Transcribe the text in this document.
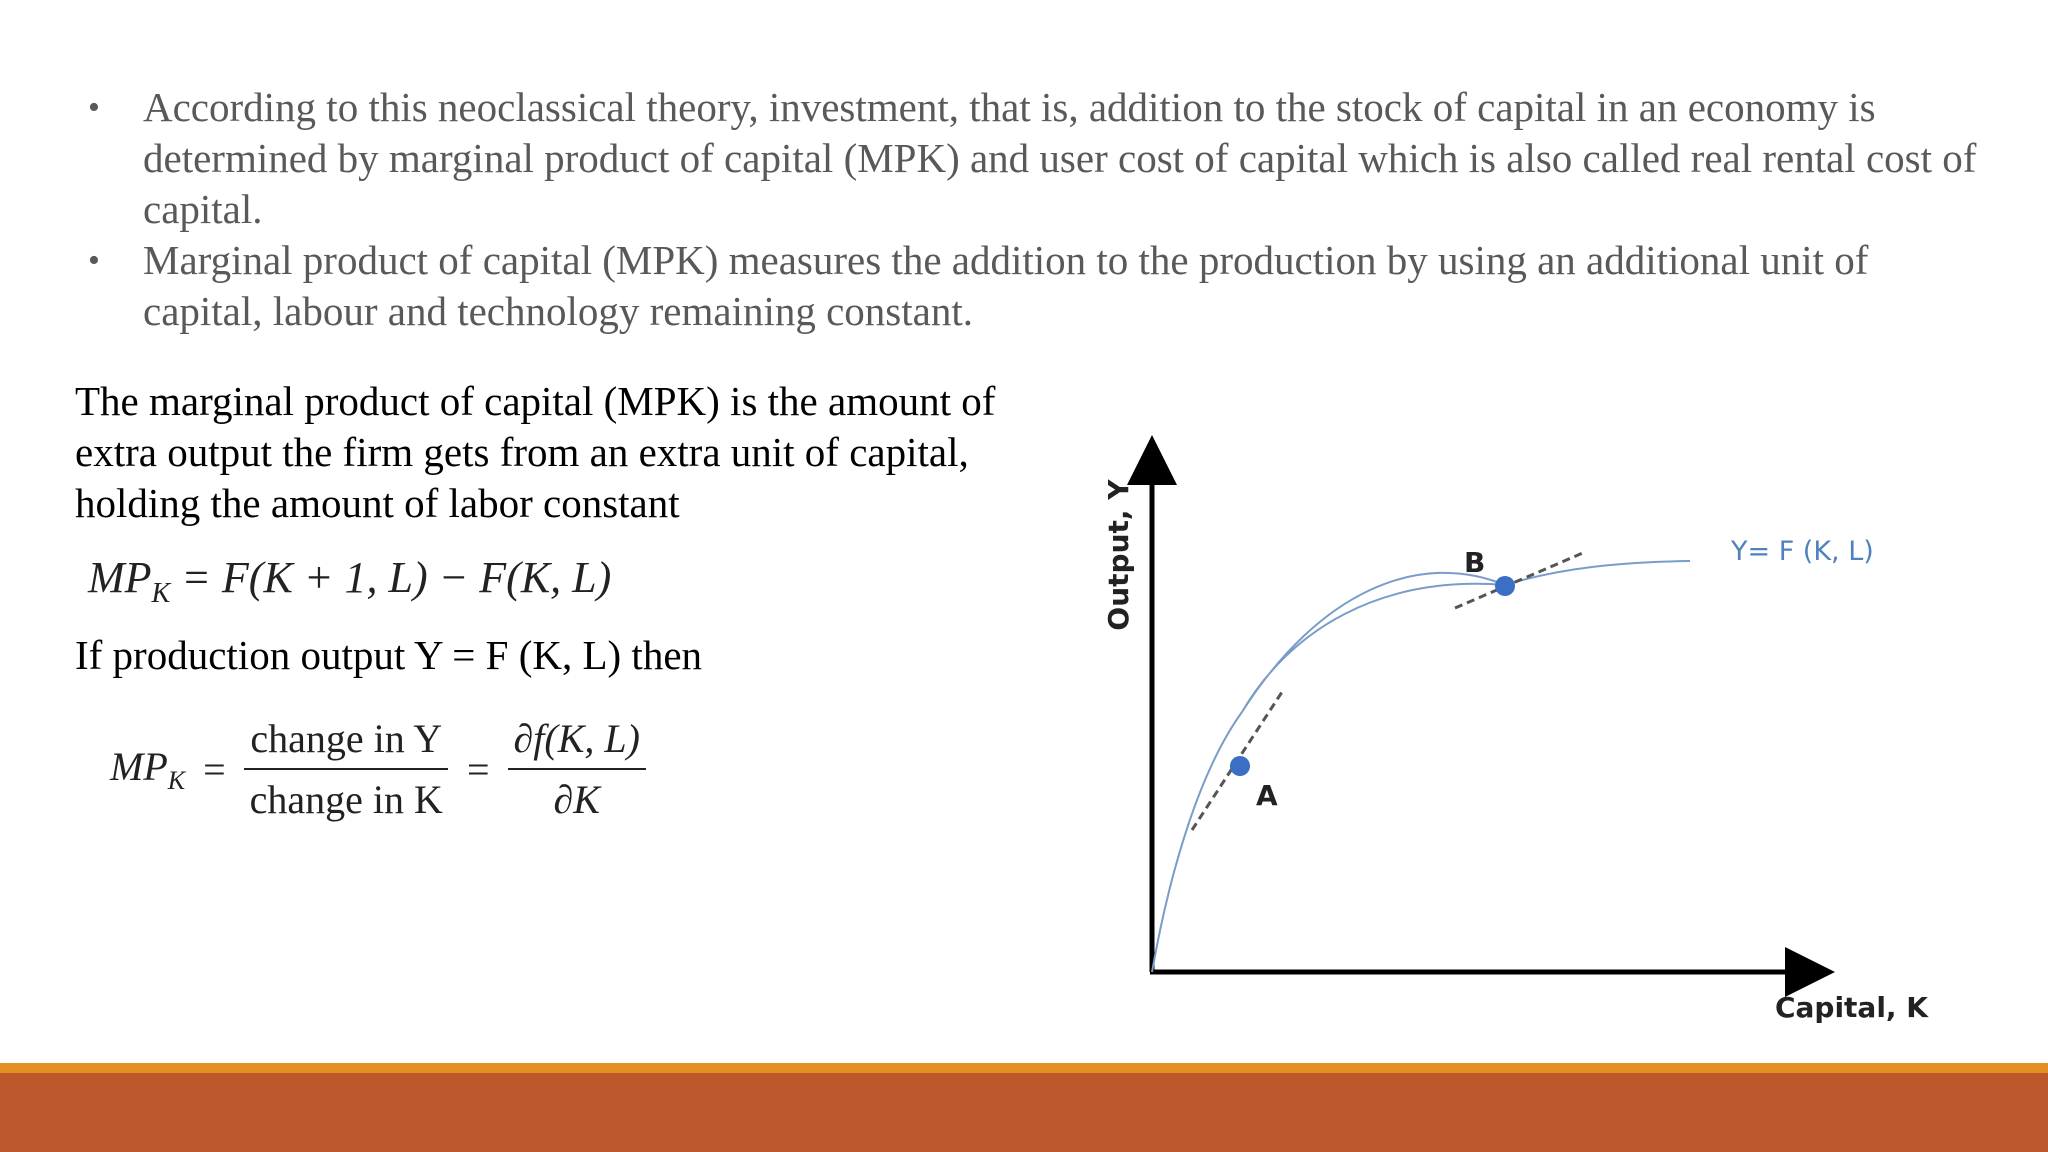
• According to this neoclassical theory, investment, that is, addition to the stock of capital in an economy is determined by marginal product of capital (MPK) and user cost of capital which is also called real rental cost of capital.
• Marginal product of capital (MPK) measures the addition to the production by using an additional unit of capital, labour and technology remaining constant.
The marginal product of capital (MPK) is the amount of extra output the firm gets from an extra unit of capital, holding the amount of labor constant
$MP_K = F(K + 1$, L) − F(K, L)
If production output Y = F (K, L) then
$MP_K = \frac{\text{change in Y}}{\text{change in K}} = \frac{\partial f(K, L)}{\partial K}$
Output, Y
Capital, K
A
B	Y= F (K, L)
